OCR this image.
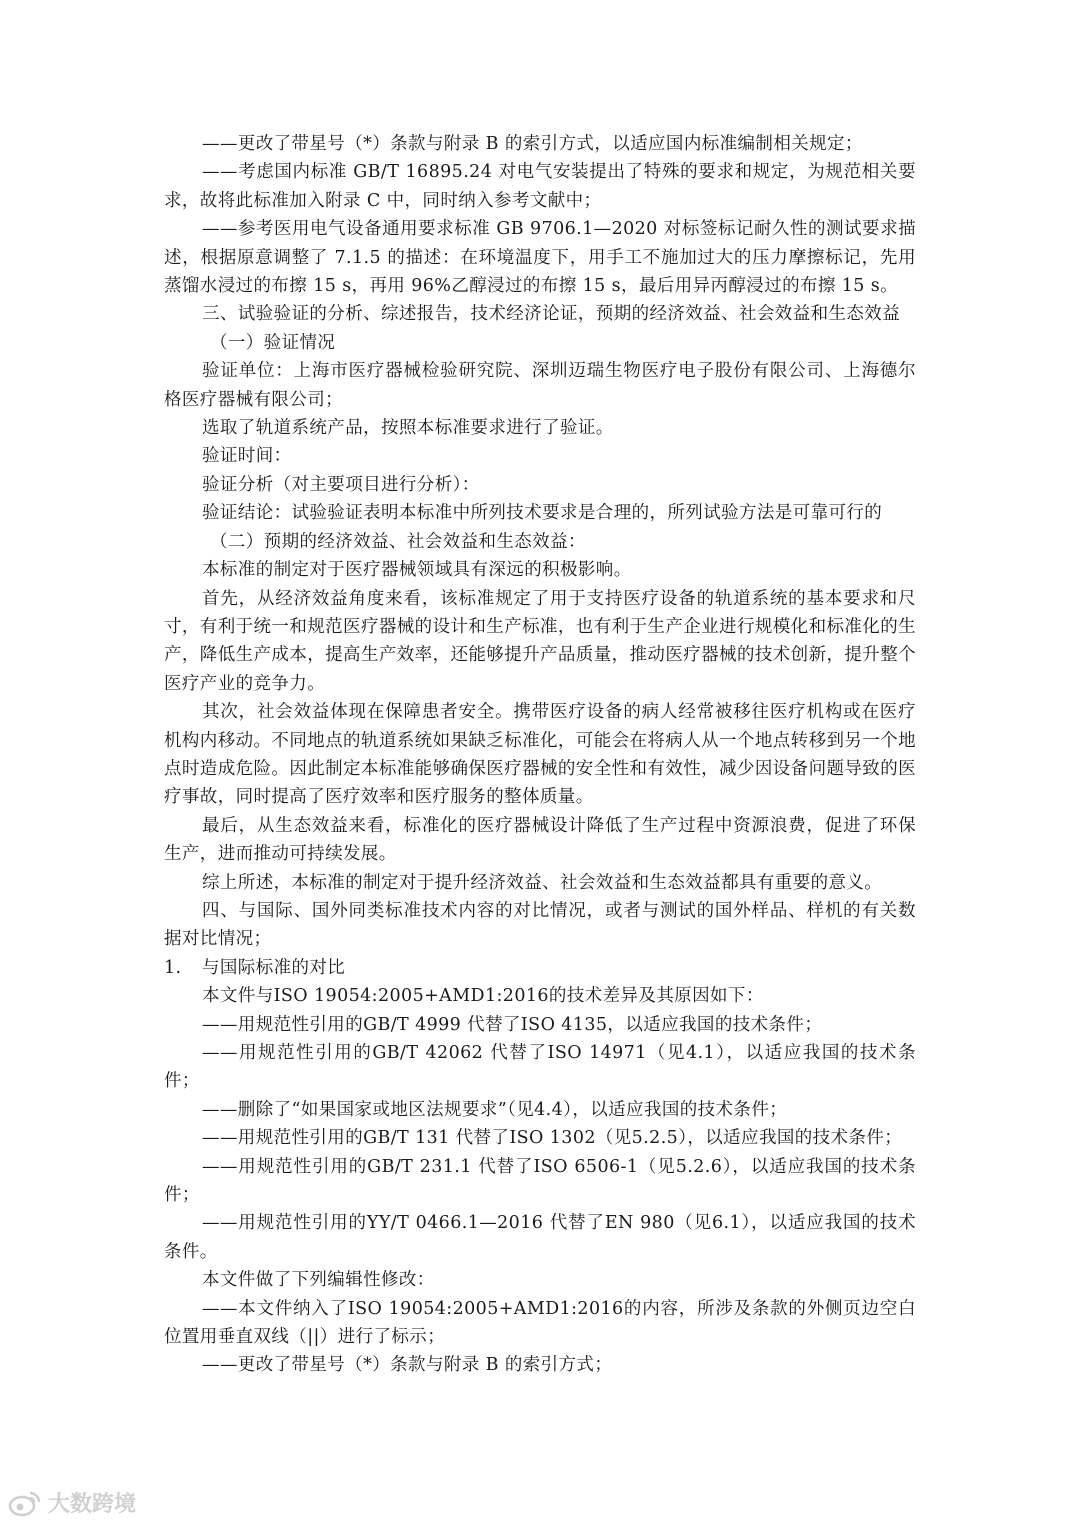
——更改了带星号（*）条款与附录 B 的索引方式，以适应国内标准编制相关规定；

——考虑国内标准 GB/T 16895.24 对电气安装提出了特殊的要求和规定，为规范相关要求，故将此标准加入附录 C 中，同时纳入参考文献中；

——参考医用电气设备通用要求标准 GB 9706.1—2020 对标签标记耐久性的测试要求描述，根据原意调整了 7.1.5 的描述：在环境温度下，用手工不施加过大的压力摩擦标记，先用蒸馏水浸过的布擦 15 s，再用 96%乙醇浸过的布擦 15 s，最后用异丙醇浸过的布擦 15 s。

三、试验验证的分析、综述报告，技术经济论证，预期的经济效益、社会效益和生态效益

（一）验证情况

验证单位：上海市医疗器械检验研究院、深圳迈瑞生物医疗电子股份有限公司、上海德尔格医疗器械有限公司；

选取了轨道系统产品，按照本标准要求进行了验证。

验证时间：

验证分析（对主要项目进行分析）：

验证结论：试验验证表明本标准中所列技术要求是合理的，所列试验方法是可靠可行的

（二）预期的经济效益、社会效益和生态效益：

本标准的制定对于医疗器械领域具有深远的积极影响。

首先，从经济效益角度来看，该标准规定了用于支持医疗设备的轨道系统的基本要求和尺寸，有利于统一和规范医疗器械的设计和生产标准，也有利于生产企业进行规模化和标准化的生产，降低生产成本，提高生产效率，还能够提升产品质量，推动医疗器械的技术创新，提升整个医疗产业的竞争力。

其次，社会效益体现在保障患者安全。携带医疗设备的病人经常被移往医疗机构或在医疗机构内移动。不同地点的轨道系统如果缺乏标准化，可能会在将病人从一个地点转移到另一个地点时造成危险。因此制定本标准能够确保医疗器械的安全性和有效性，减少因设备问题导致的医疗事故，同时提高了医疗效率和医疗服务的整体质量。

最后，从生态效益来看，标准化的医疗器械设计降低了生产过程中资源浪费，促进了环保生产，进而推动可持续发展。

综上所述，本标准的制定对于提升经济效益、社会效益和生态效益都具有重要的意义。

四、与国际、国外同类标准技术内容的对比情况，或者与测试的国外样品、样机的有关数据对比情况；

1.	与国际标准的对比

本文件与ISO 19054:2005+AMD1:2016的技术差异及其原因如下：

——用规范性引用的GB/T 4999 代替了ISO 4135，以适应我国的技术条件；

——用规范性引用的GB/T 42062 代替了ISO 14971（见4.1），以适应我国的技术条件；

——删除了“如果国家或地区法规要求”（见4.4），以适应我国的技术条件；

——用规范性引用的GB/T 131 代替了ISO 1302（见5.2.5），以适应我国的技术条件；

——用规范性引用的GB/T 231.1 代替了ISO 6506-1（见5.2.6），以适应我国的技术条件；

——用规范性引用的YY/T 0466.1—2016 代替了EN 980（见6.1），以适应我国的技术条件。

本文件做了下列编辑性修改：

——本文件纳入了ISO 19054:2005+AMD1:2016的内容，所涉及条款的外侧页边空白位置用垂直双线（||）进行了标示；

——更改了带星号（*）条款与附录 B 的索引方式；

大数跨境
